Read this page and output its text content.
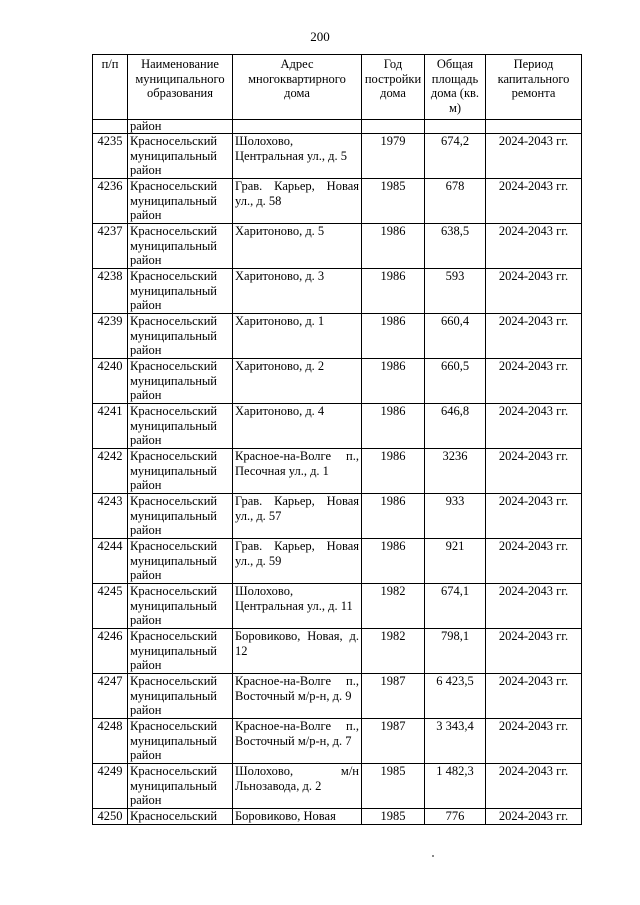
200
п/п	Наименование муниципального образования	Адрес многоквартирного дома	Год постройки дома	Общая площадь дома (кв. м)	Период капитального ремонта
	район				
4235	Красносельский муниципальный район	Шолохово, Центральная ул., д. 5	1979	674,2	2024-2043 гг.
4236	Красносельский муниципальный район	Грав. Карьер, Новая ул., д. 58	1985	678	2024-2043 гг.
4237	Красносельский муниципальный район	Харитоново, д. 5	1986	638,5	2024-2043 гг.
4238	Красносельский муниципальный район	Харитоново, д. 3	1986	593	2024-2043 гг.
4239	Красносельский муниципальный район	Харитоново, д. 1	1986	660,4	2024-2043 гг.
4240	Красносельский муниципальный район	Харитоново, д. 2	1986	660,5	2024-2043 гг.
4241	Красносельский муниципальный район	Харитоново, д. 4	1986	646,8	2024-2043 гг.
4242	Красносельский муниципальный район	Красное-на-Волге п., Песочная ул., д. 1	1986	3236	2024-2043 гг.
4243	Красносельский муниципальный район	Грав. Карьер, Новая ул., д. 57	1986	933	2024-2043 гг.
4244	Красносельский муниципальный район	Грав. Карьер, Новая ул., д. 59	1986	921	2024-2043 гг.
4245	Красносельский муниципальный район	Шолохово, Центральная ул., д. 11	1982	674,1	2024-2043 гг.
4246	Красносельский муниципальный район	Боровиково, Новая, д. 12	1982	798,1	2024-2043 гг.
4247	Красносельский муниципальный район	Красное-на-Волге п., Восточный м/р-н, д. 9	1987	6 423,5	2024-2043 гг.
4248	Красносельский муниципальный район	Красное-на-Волге п., Восточный м/р-н, д. 7	1987	3 343,4	2024-2043 гг.
4249	Красносельский муниципальный район	Шолохово, м/н Льнозавода, д. 2	1985	1 482,3	2024-2043 гг.
4250	Красносельский	Боровиково, Новая	1985	776	2024-2043 гг.
